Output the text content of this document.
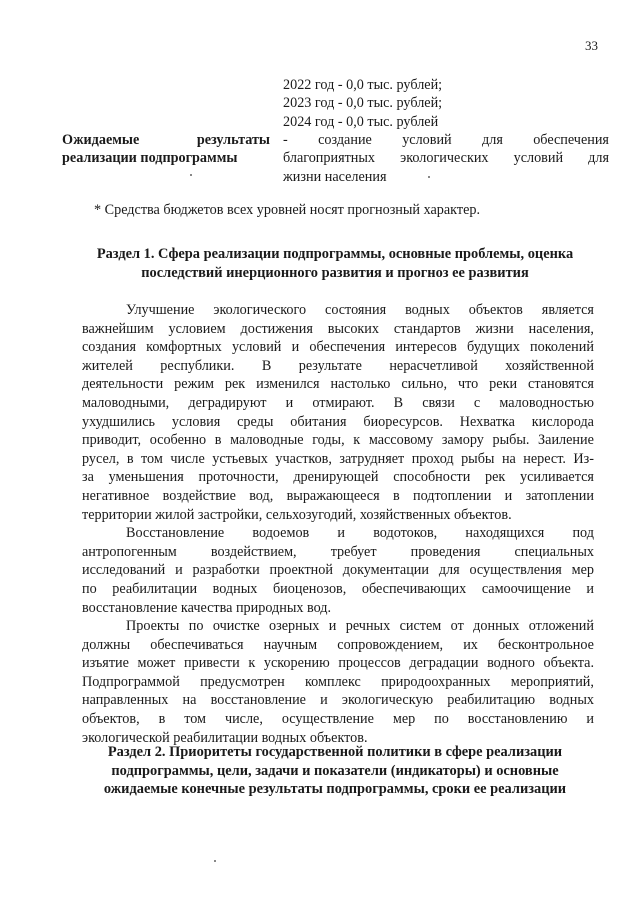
33
2022 год - 0,0 тыс. рублей;
2023 год - 0,0 тыс. рублей;
2024 год - 0,0 тыс. рублей
Ожидаемые	результаты
реализации подпрограммы
- создание условий для обеспечения
благоприятных экологических условий для
жизни населения
* Средства бюджетов всех уровней носят прогнозный характер.
Раздел 1. Сфера реализации подпрограммы, основные проблемы, оценка
последствий инерционного развития и прогноз ее развития
Улучшение экологического состояния водных объектов является
важнейшим условием достижения высоких стандартов жизни населения,
создания комфортных условий и обеспечения интересов будущих поколений
жителей республики. В результате нерасчетливой хозяйственной
деятельности режим рек изменился настолько сильно, что реки становятся
маловодными, деградируют и отмирают. В связи с маловодностью
ухудшились условия среды обитания биоресурсов. Нехватка кислорода
приводит, особенно в маловодные годы, к массовому замору рыбы. Заиление
русел, в том числе устьевых участков, затрудняет проход рыбы на нерест. Из-
за уменьшения проточности, дренирующей способности рек усиливается
негативное воздействие вод, выражающееся в подтоплении и затоплении
территории жилой застройки, сельхозугодий, хозяйственных объектов.
Восстановление водоемов и водотоков, находящихся под
антропогенным воздействием, требует проведения специальных
исследований и разработки проектной документации для осуществления мер
по реабилитации водных биоценозов, обеспечивающих самоочищение и
восстановление качества природных вод.
Проекты по очистке озерных и речных систем от донных отложений
должны обеспечиваться научным сопровождением, их бесконтрольное
изъятие может привести к ускорению процессов деградации водного объекта.
Подпрограммой предусмотрен комплекс природоохранных мероприятий,
направленных на восстановление и экологическую реабилитацию водных
объектов, в том числе, осуществление мер по восстановлению и
экологической реабилитации водных объектов.
Раздел 2. Приоритеты государственной политики в сфере реализации
подпрограммы, цели, задачи и показатели (индикаторы) и основные
ожидаемые конечные результаты подпрограммы, сроки ее реализации
